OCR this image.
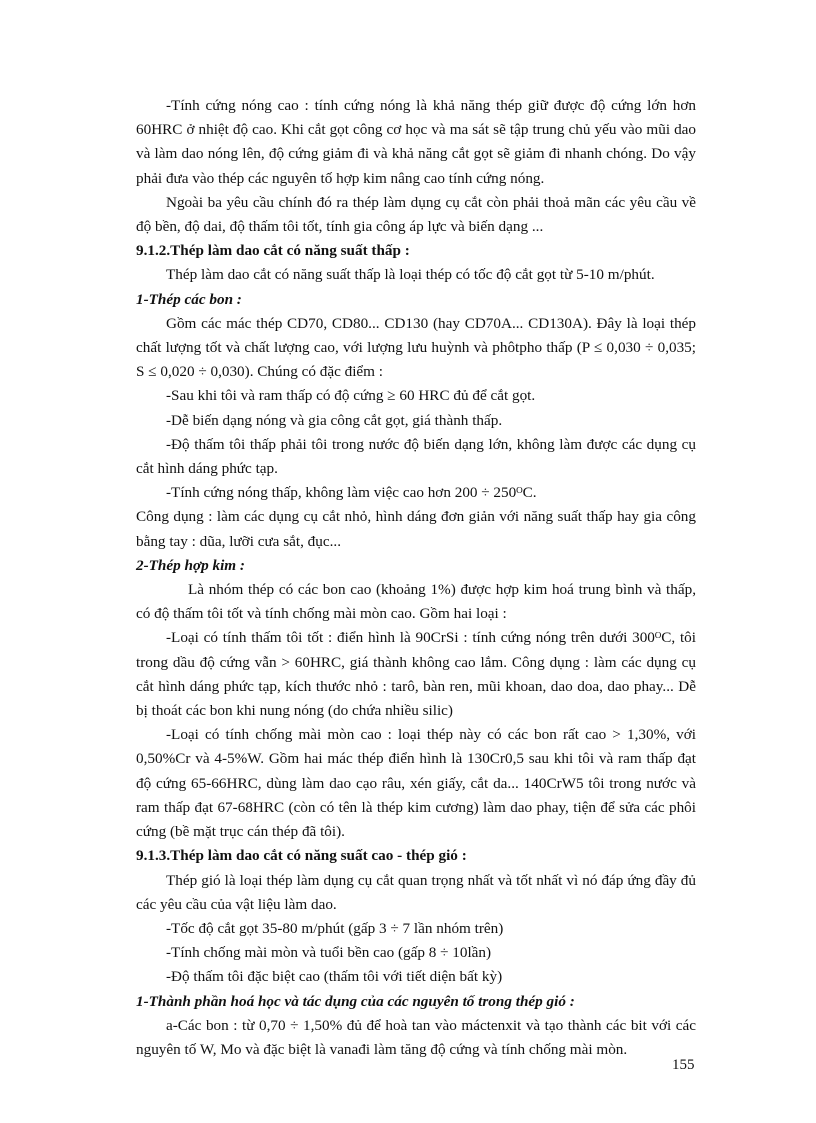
-Tính cứng nóng cao : tính cứng nóng là khả năng thép giữ được độ cứng lớn hơn 60HRC ở nhiệt độ cao. Khi cắt gọt công cơ học và ma sát sẽ tập trung chủ yếu vào mũi dao và làm dao nóng lên, độ cứng giảm đi và khả năng cắt gọt sẽ giảm đi nhanh chóng. Do vậy phải đưa vào thép các nguyên tố hợp kim nâng cao tính cứng nóng.

Ngoài ba yêu cầu chính đó ra thép làm dụng cụ cắt còn phải thoả mãn các yêu cầu về độ bền, độ dai, độ thấm tôi tốt, tính gia công áp lực và biến dạng ...

9.1.2.Thép làm dao cắt có năng suất thấp :

Thép làm dao cắt có năng suất thấp là loại thép có tốc độ cắt gọt từ 5-10 m/phút.

1-Thép các bon :

Gồm các mác thép CD70, CD80... CD130 (hay CD70A... CD130A). Đây là loại thép chất lượng tốt và chất lượng cao, với lượng lưu huỳnh và phôtpho thấp (P ≤ 0,030 ÷ 0,035; S ≤ 0,020 ÷ 0,030). Chúng có đặc điểm :

-Sau khi tôi và ram thấp có độ cứng ≥ 60 HRC đủ để cắt gọt.

-Dễ biến dạng nóng và gia công cắt gọt, giá thành thấp.

-Độ thấm tôi thấp phải tôi trong nước độ biến dạng lớn, không làm được các dụng cụ cắt hình dáng phức tạp.

-Tính cứng nóng thấp, không làm việc cao hơn 200 ÷ 250ᴼC.

Công dụng : làm các dụng cụ cắt nhỏ, hình dáng đơn giản với năng suất thấp hay gia công bằng tay : dũa, lưỡi cưa sắt, đục...

2-Thép hợp kim :

Là nhóm thép có các bon cao (khoảng 1%) được hợp kim hoá trung bình và thấp, có độ thấm tôi tốt và tính chống mài mòn cao. Gồm hai loại :

-Loại có tính thấm tôi tốt : điển hình là 90CrSi : tính cứng nóng trên dưới 300ᴼC, tôi trong dầu độ cứng vẫn > 60HRC, giá thành không cao lắm. Công dụng : làm các dụng cụ cắt hình dáng phức tạp, kích thước nhỏ : tarô, bàn ren, mũi khoan, dao doa, dao phay... Dễ bị thoát các bon khi nung nóng (do chứa nhiều silic)

-Loại có tính chống mài mòn cao : loại thép này có các bon rất cao > 1,30%, với 0,50%Cr và 4-5%W. Gồm hai mác thép điển hình là 130Cr0,5 sau khi tôi và ram thấp đạt độ cứng 65-66HRC, dùng làm dao cạo râu, xén giấy, cắt da... 140CrW5 tôi trong nước và ram thấp đạt 67-68HRC (còn có tên là thép kim cương) làm dao phay, tiện để sửa các phôi cứng (bề mặt trục cán thép đã tôi).

9.1.3.Thép làm dao cắt có năng suất cao - thép gió :

Thép gió là loại thép làm dụng cụ cắt quan trọng nhất và tốt nhất vì nó đáp ứng đầy đủ các yêu cầu của vật liệu làm dao.

-Tốc độ cắt gọt 35-80 m/phút (gấp 3 ÷ 7 lần nhóm trên)

-Tính chống mài mòn và tuổi bền cao (gấp 8 ÷ 10lần)

-Độ thấm tôi đặc biệt cao (thấm tôi với tiết diện bất kỳ)

1-Thành phần hoá học và tác dụng của các nguyên tố trong thép gió :

a-Các bon : từ 0,70 ÷ 1,50% đủ để hoà tan vào máctenxit và tạo thành các bit với các nguyên tố W, Mo và đặc biệt là vanađi làm tăng độ cứng và tính chống mài mòn.

155
